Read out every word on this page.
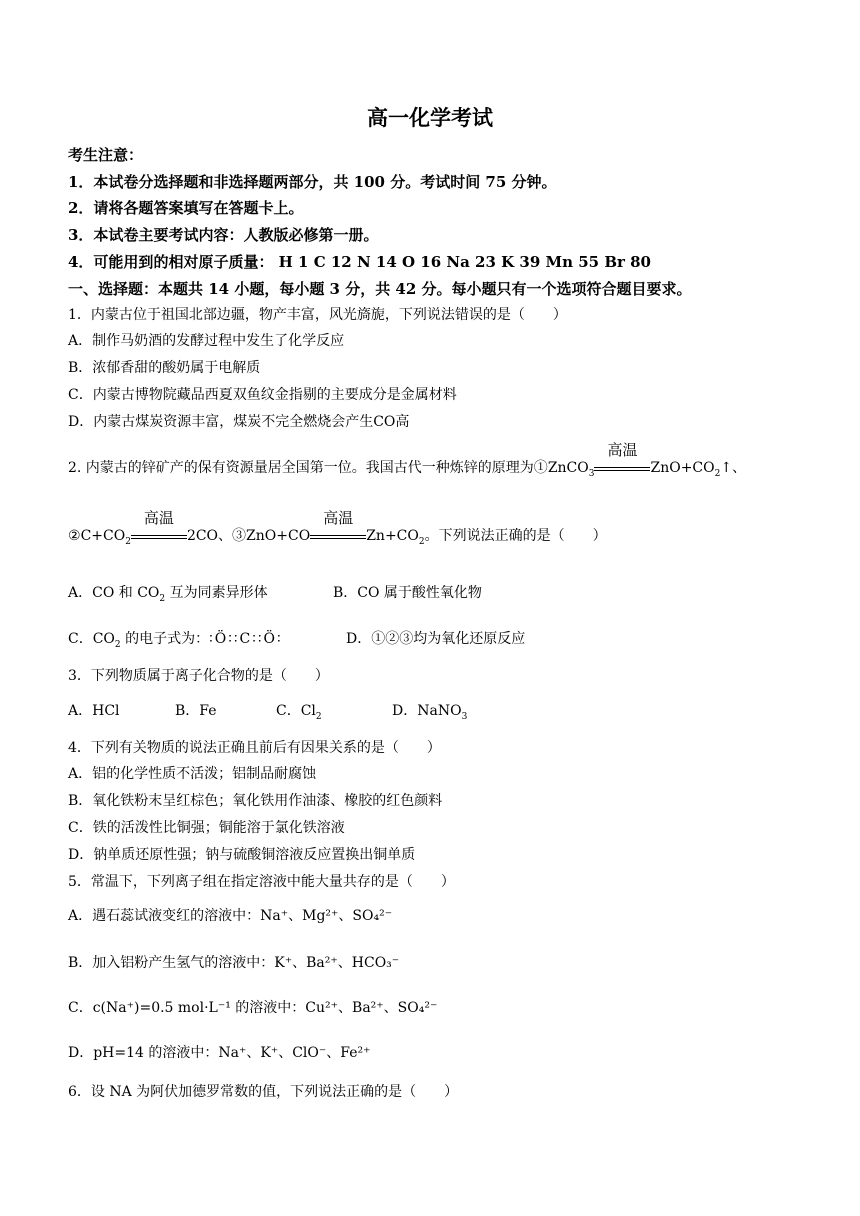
高一化学考试
考生注意：
1．本试卷分选择题和非选择题两部分，共 100 分。考试时间 75 分钟。
2．请将各题答案填写在答题卡上。
3．本试卷主要考试内容：人教版必修第一册。
4．可能用到的相对原子质量： H 1 C 12 N 14 O 16 Na 23 K 39 Mn 55 Br 80
一、选择题：本题共 14 小题，每小题 3 分，共 42 分。每小题只有一个选项符合题目要求。
1．内蒙古位于祖国北部边疆，物产丰富，风光旖旎，下列说法错误的是（　　）
A．制作马奶酒的发酵过程中发生了化学反应
B．浓郁香甜的酸奶属于电解质
C．内蒙古博物院藏品西夏双鱼纹金指剔的主要成分是金属材料
D．内蒙古煤炭资源丰富，煤炭不完全燃烧会产生CO高
2. 内蒙古的锌矿产的保有资源量居全国第一位。我国古代一种炼锌的原理为①ZnCO$_3$
高温
$ZnO+CO_2↑$、
$②C+CO_2$
高温
2CO、③ZnO+CO
高温
$Zn+CO_2$。下列说法正确的是（　　）
A．CO 和 $CO_2$ 互为同素异形体	B．CO 属于酸性氧化物
C．$CO_2$ 的电子式为：∶Ö∶∶C∶∶Ö∶	D．①②③均为氧化还原反应
3．下列物质属于离子化合物的是（　　）
A．HCl	B．Fe	C．$Cl_2$	D．NaNO$_3$
4．下列有关物质的说法正确且前后有因果关系的是（　　）
A．铝的化学性质不活泼；铝制品耐腐蚀
B．氧化铁粉末呈红棕色；氧化铁用作油漆、橡胶的红色颜料
C．铁的活泼性比铜强；铜能溶于氯化铁溶液
D．钠单质还原性强；钠与硫酸铜溶液反应置换出铜单质
5．常温下，下列离子组在指定溶液中能大量共存的是（　　）
A．遇石蕊试液变红的溶液中：Na⁺、Mg²⁺、SO₄²⁻
B．加入铝粉产生氢气的溶液中：K⁺、Ba²⁺、HCO₃⁻
C．c(Na⁺)=0.5 mol·L⁻¹ 的溶液中：Cu²⁺、Ba²⁺、SO₄²⁻
D．pH=14 的溶液中：Na⁺、K⁺、ClO⁻、Fe²⁺
6．设 NA 为阿伏加德罗常数的值，下列说法正确的是（　　）
